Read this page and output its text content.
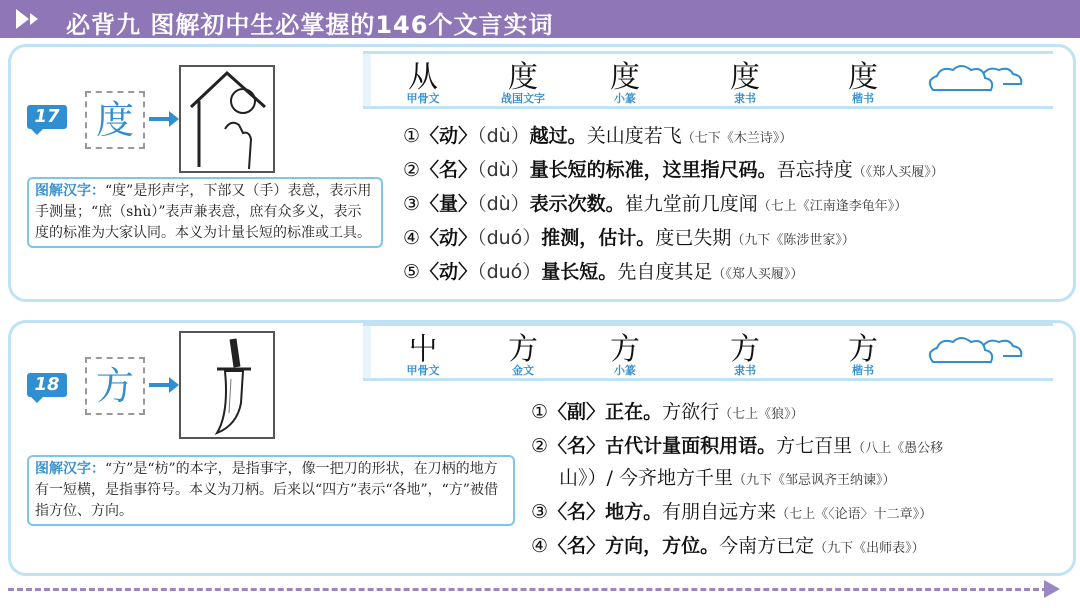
必背九 图解初中生必掌握的146个文言实词
17 度
图解汉字：“度”是形声字，下部又（手）表意，表示用手测量；“庶（shù）”表声兼表意，庶有众多义，表示度的标准为大家认同。本义为计量长短的标准或工具。
从	度	度	度	度
甲骨文	战国文字	小篆	隶书	楷书
①〈动〉（dù）越过。关山度若飞（七下《木兰诗》）
②〈名〉（dù）量长短的标准，这里指尺码。吾忘持度（《郑人买履》）
③〈量〉（dù）表示次数。崔九堂前几度闻（七上《江南逢李龟年》）
④〈动〉（duó）推测，估计。度已失期（九下《陈涉世家》）
⑤〈动〉（duó）量长短。先自度其足（《郑人买履》）
18 方
图解汉字：“方”是“枋”的本字，是指事字，像一把刀的形状，在刀柄的地方有一短横，是指事符号。本义为刀柄。后来以“四方”表示“各地”，“方”被借指方位、方向。
屮	方	方	方	方
甲骨文	金文	小篆	隶书	楷书
①〈副〉正在。方欲行（七上《狼》）
②〈名〉古代计量面积用语。方七百里（八上《愚公移
山》）/ 今齐地方千里（九下《邹忌讽齐王纳谏》）
③〈名〉地方。有朋自远方来（七上《〈论语〉十二章》）
④〈名〉方向，方位。今南方已定（九下《出师表》）
